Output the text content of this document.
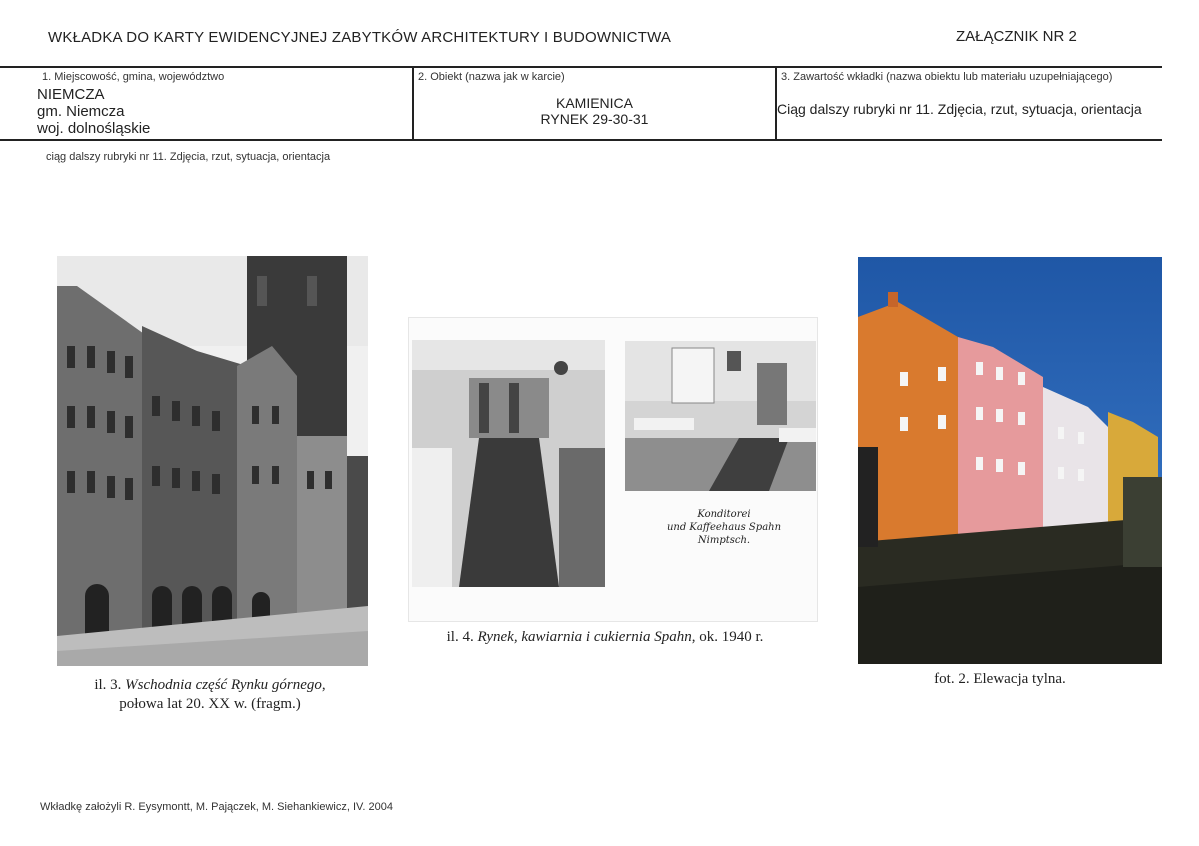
WKŁADKA DO KARTY EWIDENCYJNEJ ZABYTKÓW ARCHITEKTURY I BUDOWNICTWA	ZAŁĄCZNIK NR 2
1. Miejscowość, gmina, województwo
NIEMCZA
gm. Niemcza
woj. dolnośląskie
2. Obiekt (nazwa jak w karcie)
KAMIENICA
RYNEK 29-30-31
3. Zawartość wkładki (nazwa obiektu lub materiału uzupełniającego)
Ciąg dalszy rubryki nr 11. Zdjęcia, rzut, sytuacja, orientacja
ciąg dalszy rubryki nr 11. Zdjęcia, rzut, sytuacja, orientacja
Konditorei
und Kaffeehaus Spahn
Nimptsch.
il. 3. Wschodnia część Rynku górnego,
połowa lat 20. XX w. (fragm.)
il. 4. Rynek, kawiarnia i cukiernia Spahn, ok. 1940 r.
fot. 2. Elewacja tylna.
Wkładkę założyli R. Eysymontt, M. Pajączek, M. Siehankiewicz, IV. 2004
